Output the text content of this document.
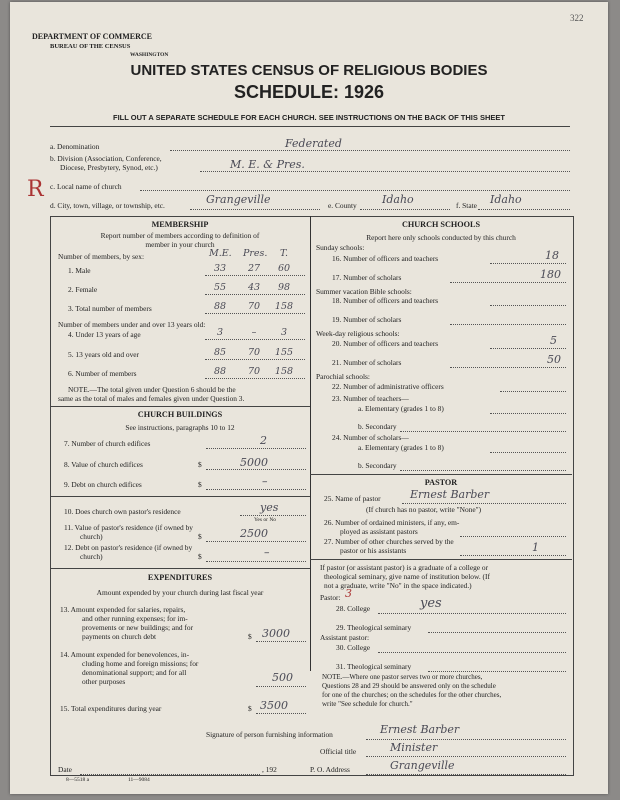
322
DEPARTMENT OF COMMERCE
BUREAU OF THE CENSUS
WASHINGTON
UNITED STATES CENSUS OF RELIGIOUS BODIES
SCHEDULE: 1926
FILL OUT A SEPARATE SCHEDULE FOR EACH CHURCH. SEE INSTRUCTIONS ON THE BACK OF THIS SHEET
a. Denomination	Federated
b. Division (Association, Conference,
Diocese, Presbytery, Synod, etc.)	M. E. & Pres.
R c. Local name of church
d. City, town, village, or township, etc.	Grangeville	e. County Idaho	f. State Idaho
MEMBERSHIP
Report number of members according to definition of
member in your church
Number of members, by sex:	M.E. Pres.	T.
1. Male	33	27	60
2. Female	55	43	98
3. Total number of members	88	70	158
Number of members under and over 13 years old:
4. Under 13 years of age	3	–	3
5. 13 years old and over	85	70	155
6. Number of members	88	70	158
NOTE.—The total given under Question 6 should be the
same as the total of males and females given under Question 3.
CHURCH BUILDINGS
See instructions, paragraphs 10 to 12
7. Number of church edifices	2
8. Value of church edifices	$	5000
9. Debt on church edifices	$	–
10. Does church own pastor's residence	yes
Yes or No
11. Value of pastor's residence (if owned by
church)	$	2500
12. Debt on pastor's residence (if owned by
church)	$	–
EXPENDITURES
Amount expended by your church during last fiscal year
13. Amount expended for salaries, repairs,
and other running expenses; for im-
provements or new buildings; and for
payments on church debt	$ 3000
14. Amount expended for benevolences, in-
cluding home and foreign missions; for
denominational support; and for all
other purposes	500
15. Total expenditures during year	$ 3500
CHURCH SCHOOLS
Report here only schools conducted by this church
Sunday schools:
16. Number of officers and teachers	18
17. Number of scholars	180
Summer vacation Bible schools:
18. Number of officers and teachers
19. Number of scholars
Week-day religious schools:
20. Number of officers and teachers	5
21. Number of scholars	50
Parochial schools:
22. Number of administrative officers
23. Number of teachers—
a. Elementary (grades 1 to 8)
b. Secondary
24. Number of scholars—
a. Elementary (grades 1 to 8)
b. Secondary
PASTOR
25. Name of pastor	Ernest Barber
(If church has no pastor, write "None")
26. Number of ordained ministers, if any, em-
ployed as assistant pastors
27. Number of other churches served by the
pastor or his assistants	1
If pastor (or assistant pastor) is a graduate of a college or
theological seminary, give name of institution below. (If
not a graduate, write "No" in the space indicated.)
Pastor: 3
28. College	yes
29. Theological seminary
Assistant pastor:
30. College
31. Theological seminary
NOTE.—Where one pastor serves two or more churches,
Questions 28 and 29 should be answered only on the schedule
for one of the churches; on the schedules for the other churches,
write "See schedule for church."
Signature of person furnishing information	Ernest Barber
Official title	Minister
Date	, 192	P. O. Address	Grangeville
8—5518 a	11—9084
